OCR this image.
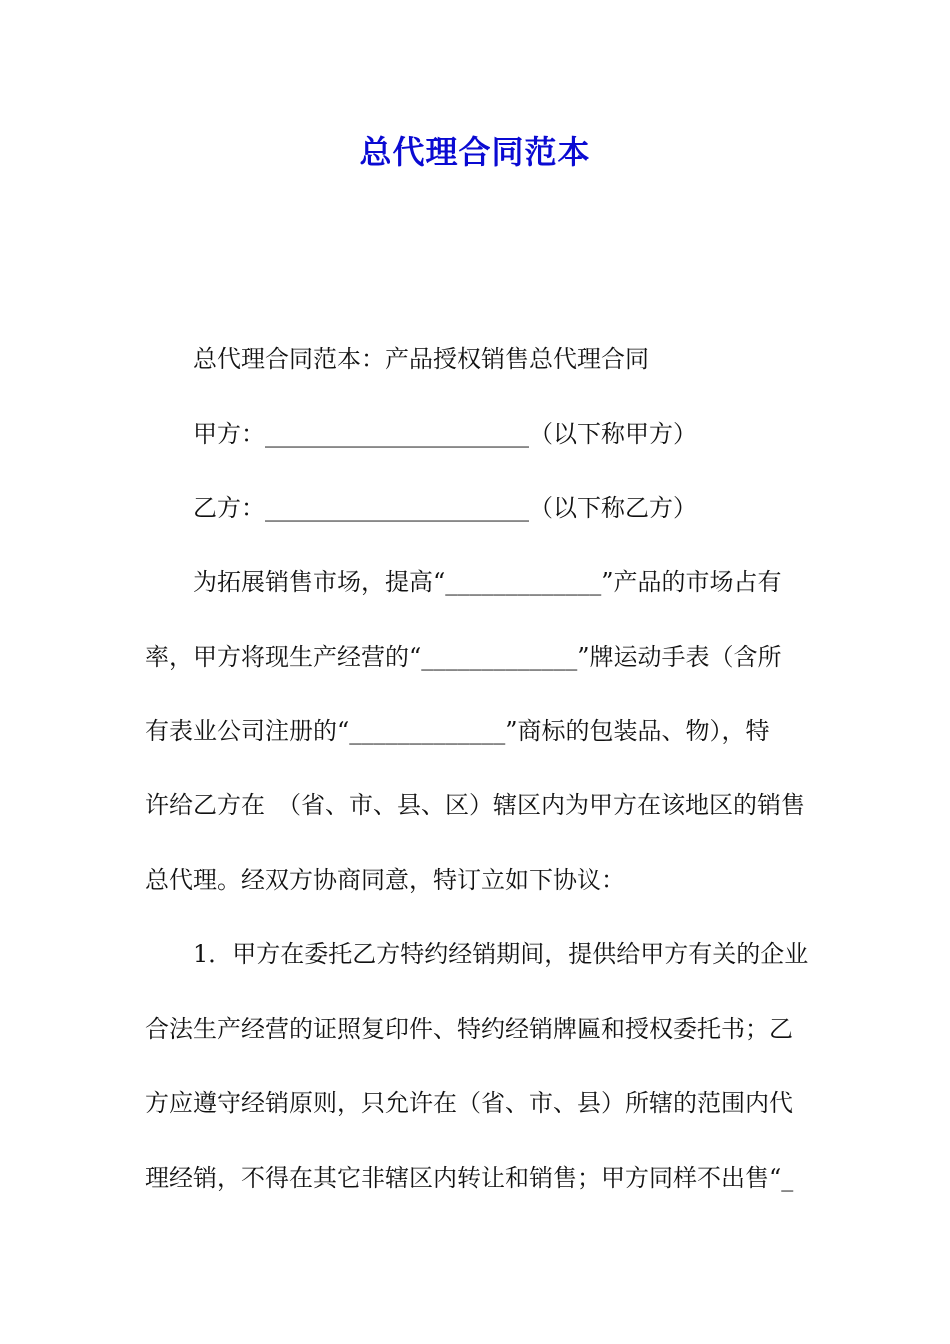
总代理合同范本
总代理合同范本：产品授权销售总代理合同
甲方：______________________（以下称甲方）
乙方：______________________（以下称乙方）
为拓展销售市场，提高“_____________”产品的市场占有
率，甲方将现生产经营的“_____________”牌运动手表（含所
有表业公司注册的“_____________”商标的包装品、物），特
许给乙方在　（省、市、县、区）辖区内为甲方在该地区的销售
总代理。经双方协商同意，特订立如下协议：
1．甲方在委托乙方特约经销期间，提供给甲方有关的企业
合法生产经营的证照复印件、特约经销牌匾和授权委托书；乙
方应遵守经销原则，只允许在（省、市、县）所辖的范围内代
理经销，不得在其它非辖区内转让和销售；甲方同样不出售“_
